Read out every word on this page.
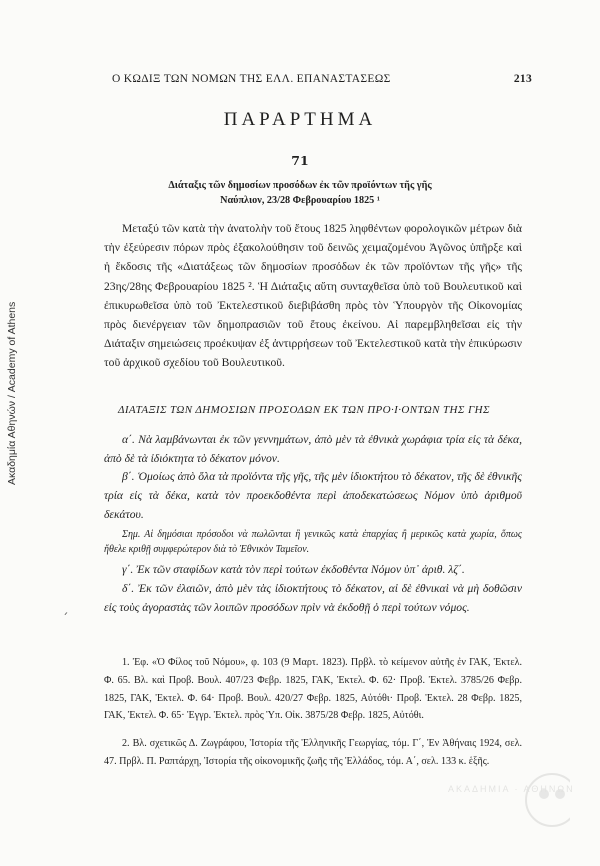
Ακαδημία Αθηνών / Academy of Athens
Ο ΚΩΔΙΞ ΤΩΝ ΝΟΜΩΝ ΤΗΣ ΕΛΛ. ΕΠΑΝΑΣΤΑΣΕΩΣ	213
ΠΑΡΑΡΤΗΜΑ
71
Διάταξις τῶν δημοσίων προσόδων ἐκ τῶν προϊόντων τῆς γῆς
Ναύπλιον, 23/28 Φεβρουαρίου 1825 ¹

Μεταξύ τῶν κατὰ τὴν ἀνατολὴν τοῦ ἔτους 1825 ληφθέντων φορολογικῶν μέτρων διὰ τὴν ἐξεύρεσιν πόρων πρὸς ἐξακολούθησιν τοῦ δεινῶς χειμαζομένου Ἀγῶνος ὑπῆρξε καὶ ἡ ἔκδοσις τῆς «Διατάξεως τῶν δημοσίων προσόδων ἐκ τῶν προϊόντων τῆς γῆς» τῆς 23ης/28ης Φεβρουαρίου 1825 ². Ἡ Διάταξις αὕτη συνταχθεῖσα ὑπὸ τοῦ Βουλευτικοῦ καὶ ἐπικυρωθεῖσα ὑπὸ τοῦ Ἐκτελεστικοῦ διεβιβάσθη πρὸς τὸν Ὑπουργὸν τῆς Οἰκονομίας πρὸς διενέργειαν τῶν δημοπρασιῶν τοῦ ἔτους ἐκείνου. Αἱ παρεμβληθεῖσαι εἰς τὴν Διάταξιν σημειώσεις προέκυψαν ἐξ ἀντιρρήσεων τοῦ Ἐκτελεστικοῦ κατὰ τὴν ἐπικύρωσιν τοῦ ἀρχικοῦ σχεδίου τοῦ Βουλευτικοῦ.

ΔΙΑΤΑΞΙΣ ΤΩΝ ΔΗΜΟΣΙΩΝ ΠΡΟΣΟΔΩΝ ΕΚ ΤΩΝ ΠΡΟ·Ι·ΟΝΤΩΝ ΤΗΣ ΓΗΣ

α΄. Νὰ λαμβάνωνται ἐκ τῶν γεννημάτων, ἀπὸ μὲν τὰ ἐθνικὰ χωράφια τρία εἰς τὰ δέκα, ἀπὸ δὲ τὰ ἰδιόκτητα τὸ δέκατον μόνον.

β΄. Ὁμοίως ἀπὸ ὅλα τὰ προϊόντα τῆς γῆς, τῆς μὲν ἰδιοκτήτου τὸ δέκατον, τῆς δὲ ἐθνικῆς τρία εἰς τὰ δέκα, κατὰ τὸν προεκδοθέντα περὶ ἀποδεκατώσεως Νόμον ὑπὸ ἀριθμοῦ δεκάτου.

Σημ. Αἱ δημόσιαι πρόσοδοι νὰ πωλῶνται ἢ γενικῶς κατὰ ἐπαρχίας ἢ μερικῶς κατὰ χωρία, ὅπως ἤθελε κριθῇ συμφερώτερον διὰ τὸ Ἐθνικὸν Ταμεῖον.

γ΄. Ἐκ τῶν σταφίδων κατὰ τὸν περὶ τούτων ἐκδοθέντα Νόμον ὑπ᾽ ἀριθ. λζ΄.

δ΄. Ἐκ τῶν ἐλαιῶν, ἀπὸ μὲν τὰς ἰδιοκτήτους τὸ δέκατον, αἱ δὲ ἐθνικαὶ νὰ μὴ δοθῶσιν εἰς τοὺς ἀγοραστὰς τῶν λοιπῶν προσόδων πρὶν νὰ ἐκδοθῇ ὁ περὶ τούτων νόμος.

´
1. Ἐφ. «Ὁ Φίλος τοῦ Νόμου», φ. 103 (9 Μαρτ. 1823). Πρβλ. τὸ κείμενον αὐτῆς ἐν ΓΑΚ, Ἐκτελ. Φ. 65. Βλ. καὶ Προβ. Βουλ. 407/23 Φεβρ. 1825, ΓΑΚ, Ἐκτελ. Φ. 62· Προβ. Ἐκτελ. 3785/26 Φεβρ. 1825, ΓΑΚ, Ἐκτελ. Φ. 64· Προβ. Βουλ. 420/27 Φεβρ. 1825, Αὐτόθι· Προβ. Ἐκτελ. 28 Φεβρ. 1825, ΓΑΚ, Ἐκτελ. Φ. 65· Ἐγγρ. Ἐκτελ. πρὸς Ὑπ. Οἰκ. 3875/28 Φεβρ. 1825, Αὐτόθι.
2. Βλ. σχετικῶς Δ. Ζωγράφου, Ἱστορία τῆς Ἑλληνικῆς Γεωργίας, τόμ. Γ΄, Ἐν Ἀθήναις 1924, σελ. 47. Πρβλ. Π. Ραπτάρχη, Ἱστορία τῆς οἰκονομικῆς ζωῆς τῆς Ἑλλάδος, τόμ. Α΄, σελ. 133 κ. ἑξῆς.
ΑΚΑΔΗΜΙΑ · ΑΘΗΝΩΝ
